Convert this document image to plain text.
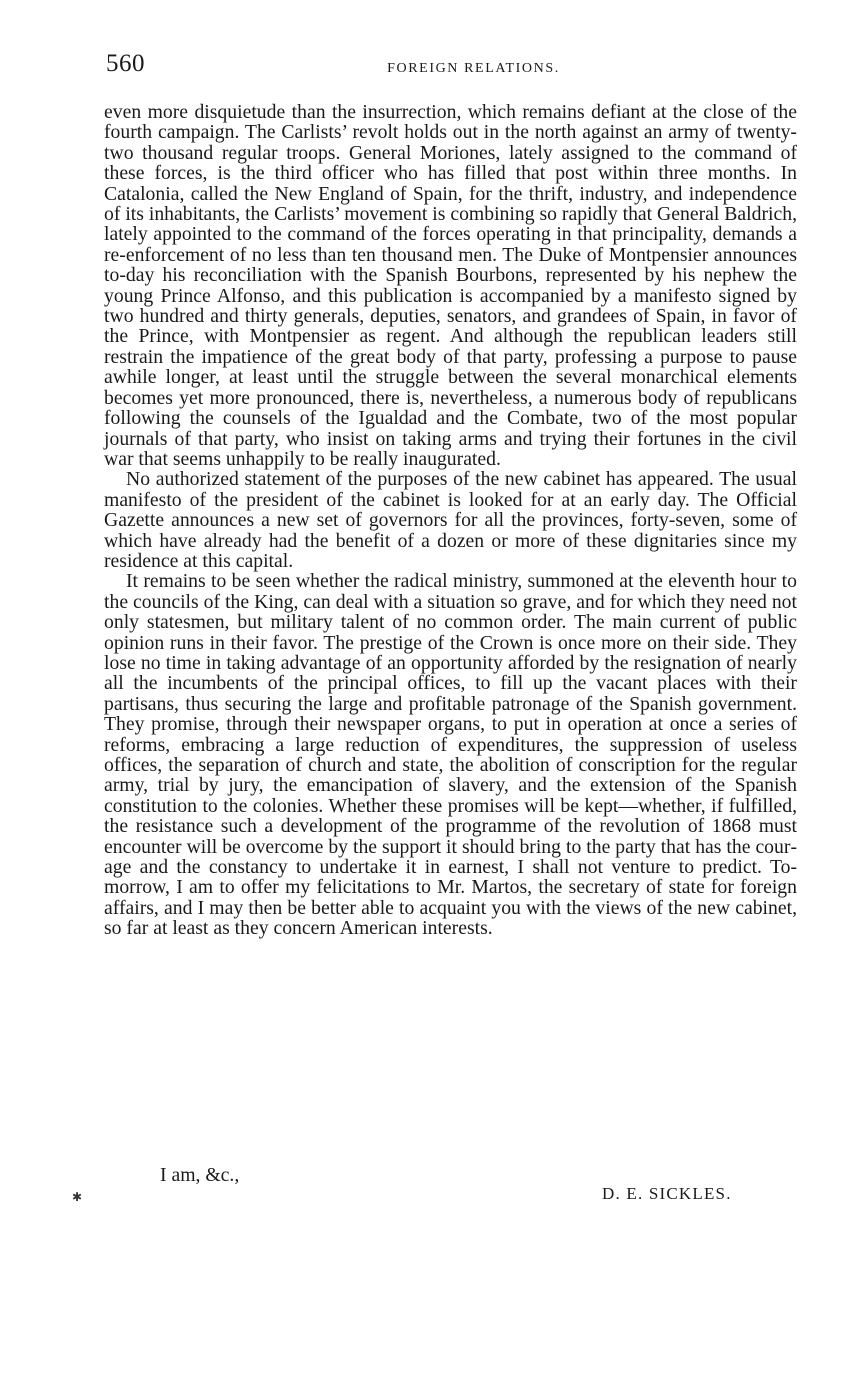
560	FOREIGN RELATIONS.

even more disquietude than the insurrection, which remains defiant at the close of the fourth campaign. The Carlists’ revolt holds out in the north against an army of twenty-two thousand regular troops. General Moriones, lately assigned to the command of these forces, is the third officer who has filled that post within three months. In Catalonia, called the New England of Spain, for the thrift, industry, and independence of its inhabitants, the Carlists’ movement is combining so rapidly that General Baldrich, lately appointed to the command of the forces operating in that principality, demands a re-enforcement of no less than ten thousand men. The Duke of Montpensier announces to-day his reconciliation with the Spanish Bourbons, represented by his nephew the young Prince Alfonso, and this publication is accompanied by a manifesto signed by two hundred and thirty generals, deputies, senators, and grandees of Spain, in favor of the Prince, with Montpensier as regent. And although the republican leaders still restrain the impatience of the great body of that party, professing a purpose to pause awhile longer, at least until the struggle between the several monarchical elements becomes yet more pronounced, there is, nevertheless, a numerous body of republicans following the counsels of the Igualdad and the Combate, two of the most popular journals of that party, who insist on taking arms and trying their fortunes in the civil war that seems unhappily to be really inaugurated.

No authorized statement of the purposes of the new cabinet has appeared. The usual manifesto of the president of the cabinet is looked for at an early day. The Official Gazette announces a new set of governors for all the provinces, forty-seven, some of which have already had the benefit of a dozen or more of these dignitaries since my residence at this capital.

It remains to be seen whether the radical ministry, summoned at the eleventh hour to the councils of the King, can deal with a situation so grave, and for which they need not only statesmen, but military talent of no common order. The main current of public opinion runs in their favor. The prestige of the Crown is once more on their side. They lose no time in taking advantage of an opportunity afforded by the resignation of nearly all the incumbents of the principal offices, to fill up the vacant places with their partisans, thus securing the large and profitable patronage of the Spanish government. They promise, through their newspaper organs, to put in operation at once a series of reforms, embracing a large reduction of expenditures, the suppression of useless offices, the separation of church and state, the abolition of conscription for the regular army, trial by jury, the emancipation of slavery, and the extension of the Spanish constitution to the colonies. Whether these promises will be kept—whether, if fulfilled, the resistance such a development of the programme of the revolution of 1868 must encounter will be overcome by the support it should bring to the party that has the courage and the constancy to undertake it in earnest, I shall not venture to predict. To-morrow, I am to offer my felicitations to Mr. Martos, the secretary of state for foreign affairs, and I may then be better able to acquaint you with the views of the new cabinet, so far at least as they concern American interests.

I am, &c.,
D. E. SICKLES.
✱
